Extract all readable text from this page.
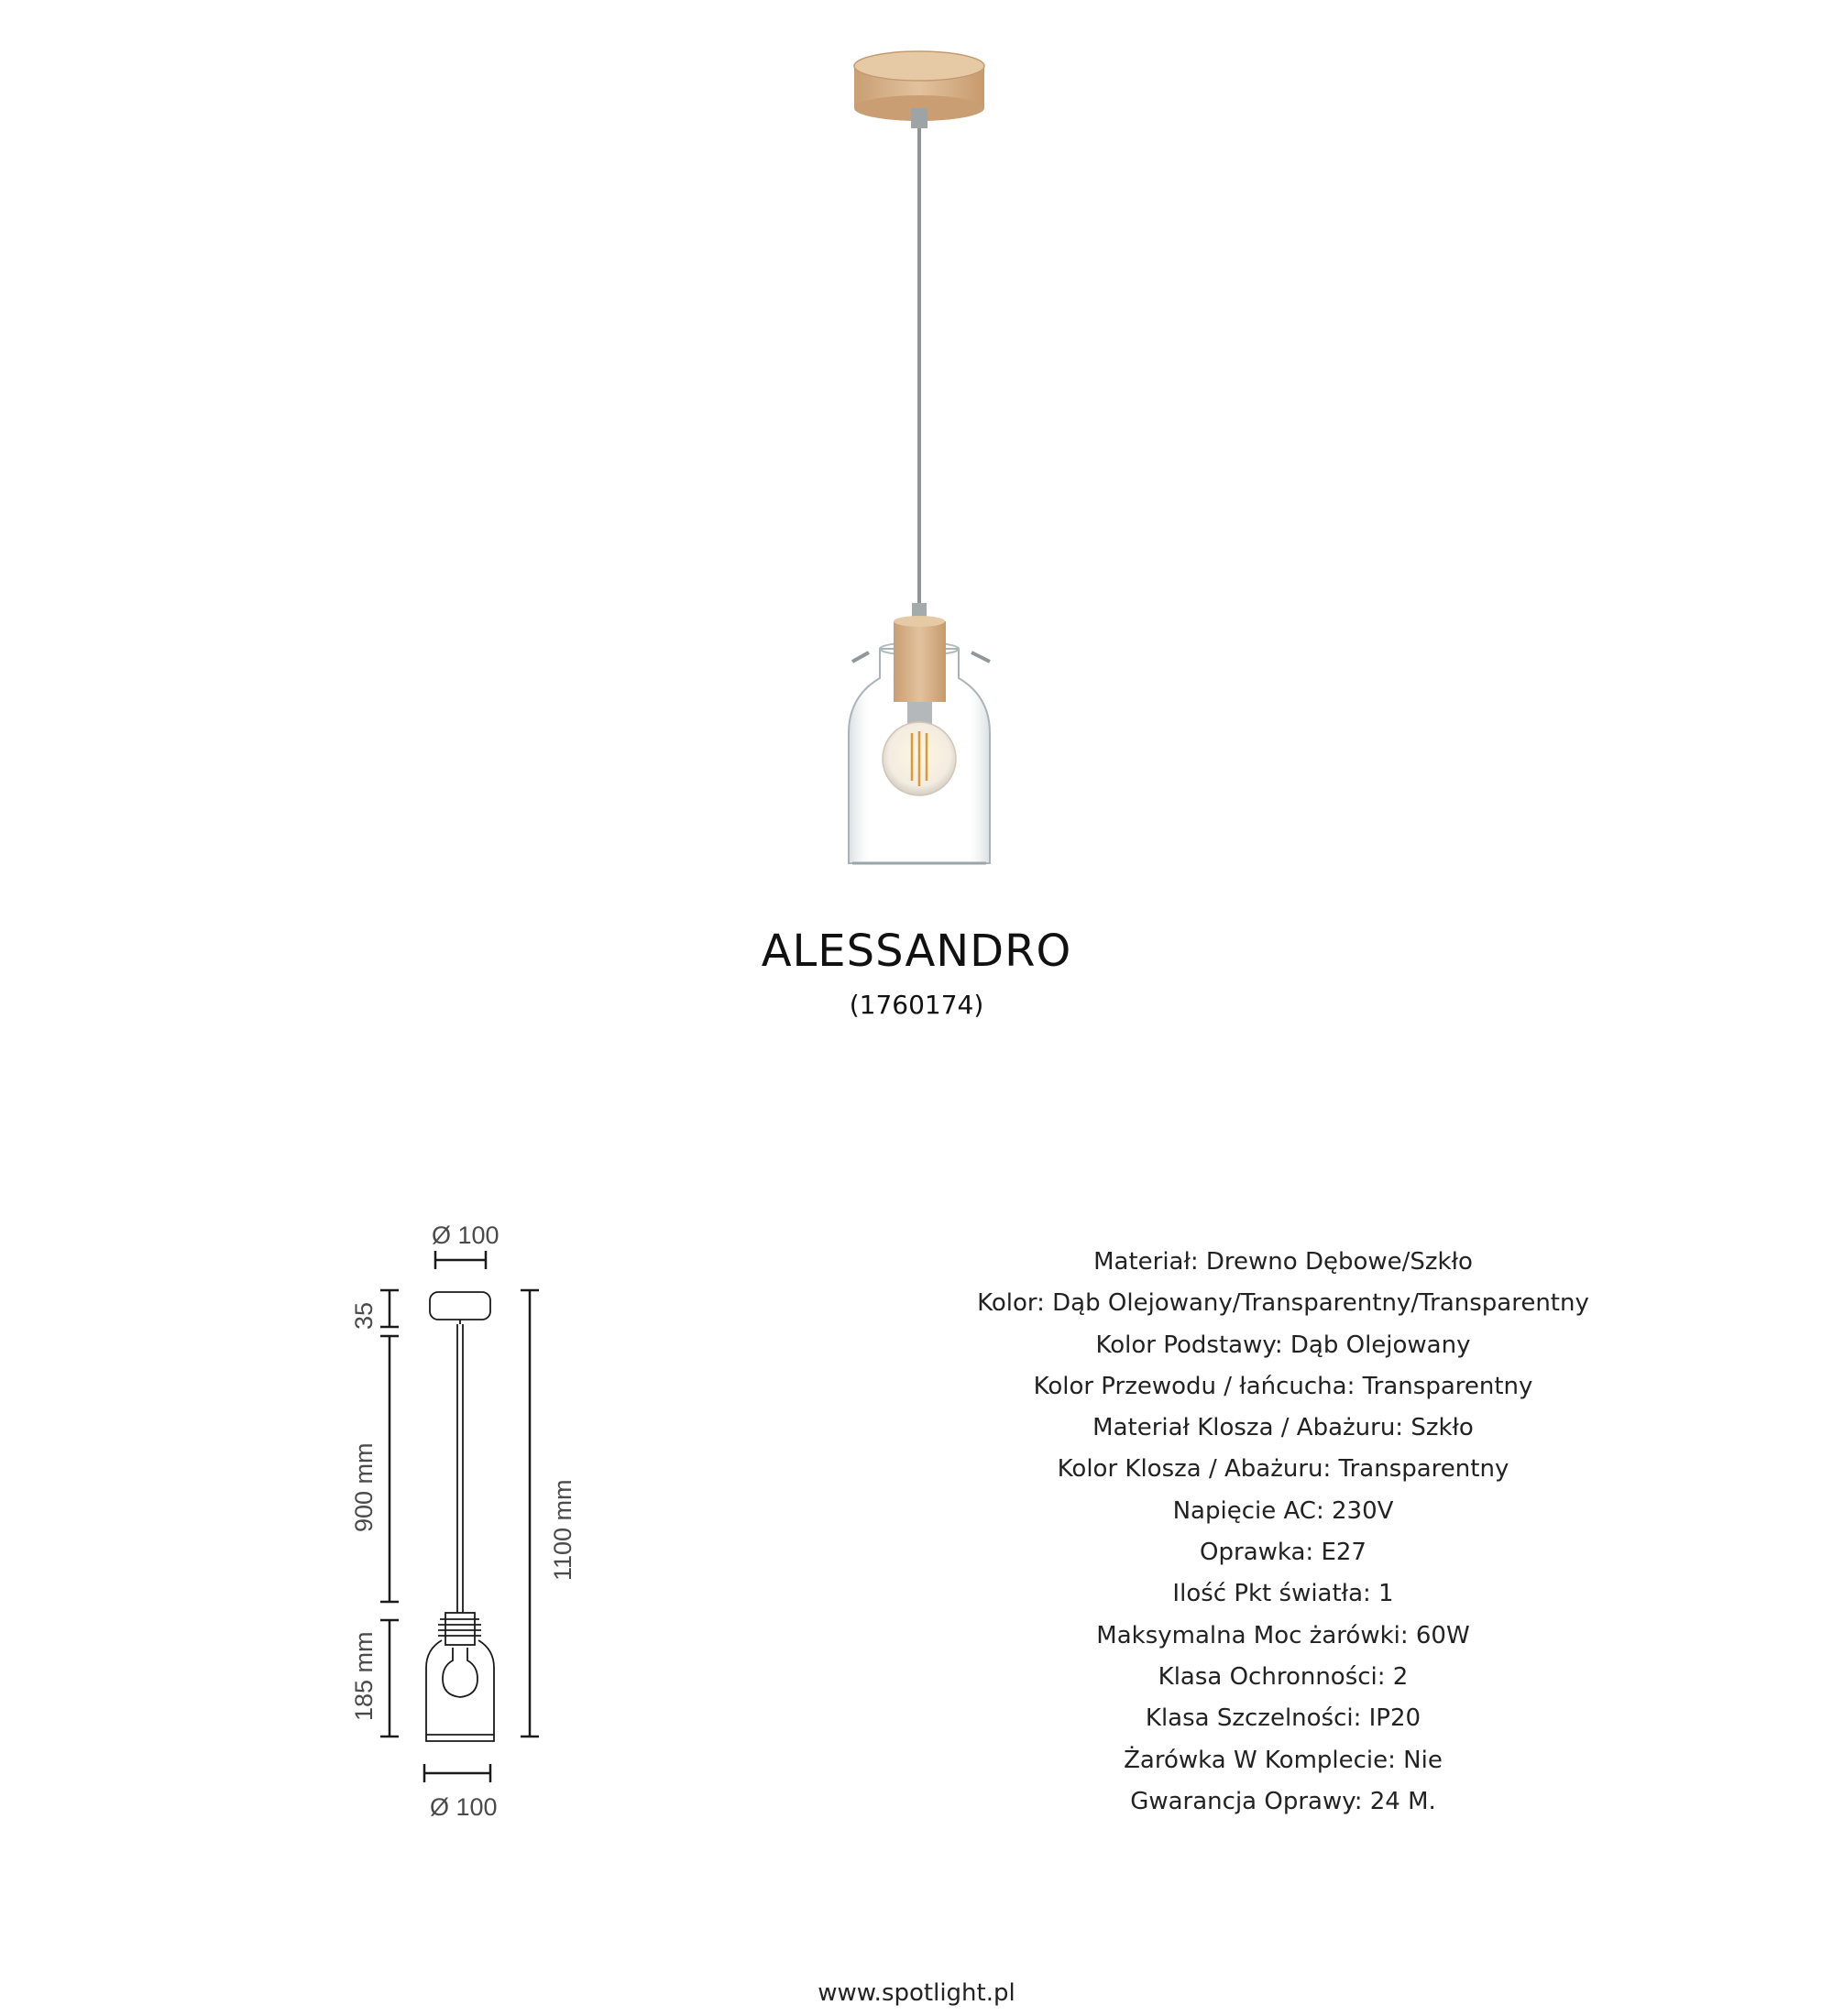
ALESSANDRO
(1760174)
Ø 100
Ø 100
35
900 mm
185 mm
1100 mm
Materiał: Drewno Dębowe/Szkło
Kolor: Dąb Olejowany/Transparentny/Transparentny
Kolor Podstawy: Dąb Olejowany
Kolor Przewodu / łańcucha: Transparentny
Materiał Klosza / Abażuru: Szkło
Kolor Klosza / Abażuru: Transparentny
Napięcie AC: 230V
Oprawka: E27
Ilość Pkt światła: 1
Maksymalna Moc żarówki: 60W
Klasa Ochronności: 2
Klasa Szczelności: IP20
Żarówka W Komplecie: Nie
Gwarancja Oprawy: 24 M.
www.spotlight.pl
